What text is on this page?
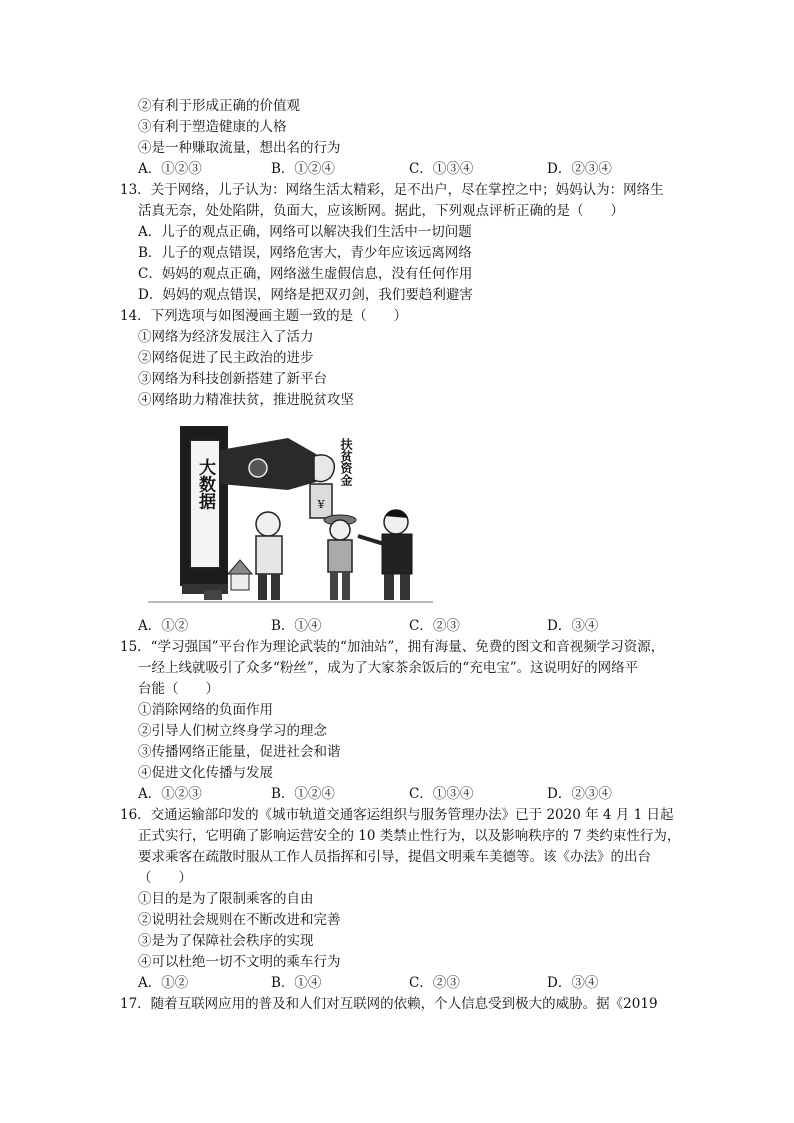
②有利于形成正确的价值观
③有利于塑造健康的人格
④是一种赚取流量，想出名的行为
A．①②③	B．①②④	C．①③④	D．②③④
13．关于网络，儿子认为：网络生活太精彩，足不出户，尽在掌控之中；妈妈认为：网络生
活真无奈，处处陷阱，负面大，应该断网。据此，下列观点评析正确的是（　　）
A．儿子的观点正确，网络可以解决我们生活中一切问题
B．儿子的观点错误，网络危害大，青少年应该远离网络
C．妈妈的观点正确，网络滋生虚假信息，没有任何作用
D．妈妈的观点错误，网络是把双刃剑，我们要趋利避害
14．下列选项与如图漫画主题一致的是（　　）
①网络为经济发展注入了活力
②网络促进了民主政治的进步
③网络为科技创新搭建了新平台
④网络助力精准扶贫，推进脱贫攻坚
大数据	¥
扶贫资金
A．①②	B．①④	C．②③	D．③④
15．“学习强国”平台作为理论武装的“加油站”，拥有海量、免费的图文和音视频学习资源，
一经上线就吸引了众多“粉丝”，成为了大家茶余饭后的“充电宝”。这说明好的网络平
台能（　　）
①消除网络的负面作用
②引导人们树立终身学习的理念
③传播网络正能量，促进社会和谐
④促进文化传播与发展
A．①②③	B．①②④	C．①③④	D．②③④
16．交通运输部印发的《城市轨道交通客运组织与服务管理办法》已于 2020 年 4 月 1 日起
正式实行，它明确了影响运营安全的 10 类禁止性行为，以及影响秩序的 7 类约束性行为，
要求乘客在疏散时服从工作人员指挥和引导，提倡文明乘车美德等。该《办法》的出台
（　　）
①目的是为了限制乘客的自由
②说明社会规则在不断改进和完善
③是为了保障社会秩序的实现
④可以杜绝一切不文明的乘车行为
A．①②	B．①④	C．②③	D．③④
17．随着互联网应用的普及和人们对互联网的依赖，个人信息受到极大的威胁。据《2019
